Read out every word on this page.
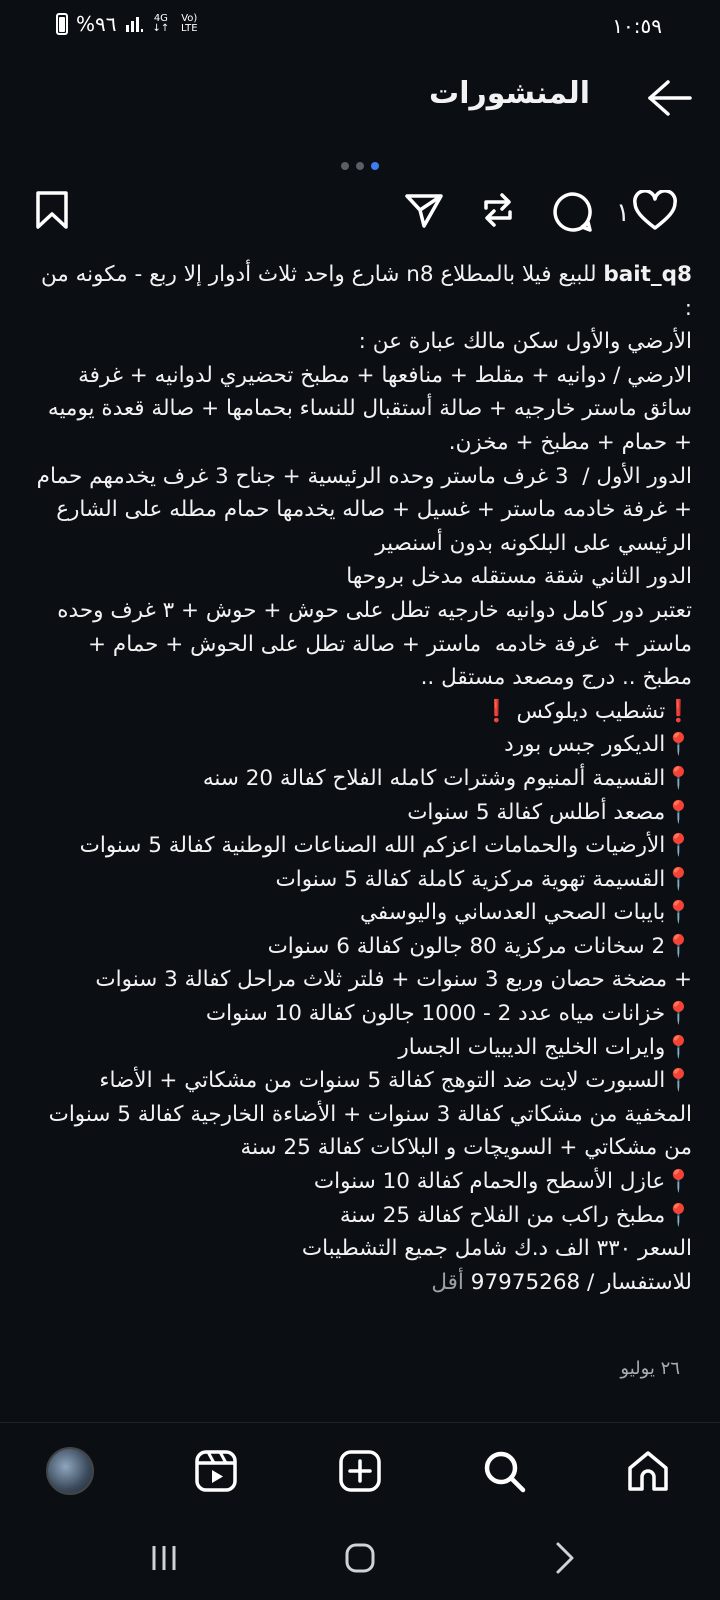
%٩٦	4G
↓↑
Vo) LTE	١٠:٥٩
المنشورات
١
bait_q8 للبيع فيلا بالمطلاع n8 شارع واحد ثلاث أدوار إلا ربع - مكونه من :
الأرضي والأول سكن مالك عبارة عن :
الارضي / دوانيه + مقلط + منافعها + مطبخ تحضيري لدوانيه + غرفة سائق ماستر خارجيه + صالة أستقبال للنساء بحمامها + صالة قعدة يوميه + حمام + مطبخ + مخزن.
الدور الأول /  3 غرف ماستر وحده الرئيسية + جناح 3 غرف يخدمهم حمام + غرفة خادمه ماستر + غسيل + صاله يخدمها حمام مطله على الشارع الرئيسي على البلكونه بدون أسنصير
الدور الثاني شقة مستقله مدخل بروحها
تعتبر دور كامل دوانيه خارجيه تطل على حوش + حوش + ٣ غرف وحده ماستر +  غرفة خادمه  ماستر + صالة تطل على الحوش + حمام + مطبخ .. درج ومصعد مستقل ..
❗تشطيب ديلوكس ❗
📍الديكور جبس بورد
📍القسيمة ألمنيوم وشترات كامله الفلاح كفالة 20 سنه
📍مصعد أطلس كفالة 5 سنوات
📍الأرضيات والحمامات اعزكم الله الصناعات الوطنية كفالة 5 سنوات
📍القسيمة تهوية مركزية كاملة كفالة 5 سنوات
📍بايبات الصحي العدساني واليوسفي
📍2 سخانات مركزية 80 جالون كفالة 6 سنوات
+ مضخة حصان وربع 3 سنوات + فلتر ثلاث مراحل كفالة 3 سنوات
📍خزانات مياه عدد 2 - 1000 جالون كفالة 10 سنوات
📍وايرات الخليج الديبيات الجسار
📍السبورت لايت ضد التوهج كفالة 5 سنوات من مشكاتي + الأضاء المخفية من مشكاتي كفالة 3 سنوات + الأضاءة الخارجية كفالة 5 سنوات من مشكاتي + السويچات و البلاكات كفالة 25 سنة
📍عازل الأسطح والحمام كفالة 10 سنوات
📍مطبخ راكب من الفلاح كفالة 25 سنة
السعر ٣٣٠ الف د.ك شامل جميع التشطيبات
للاستفسار / 97975268 أقل
٢٦ يوليو
